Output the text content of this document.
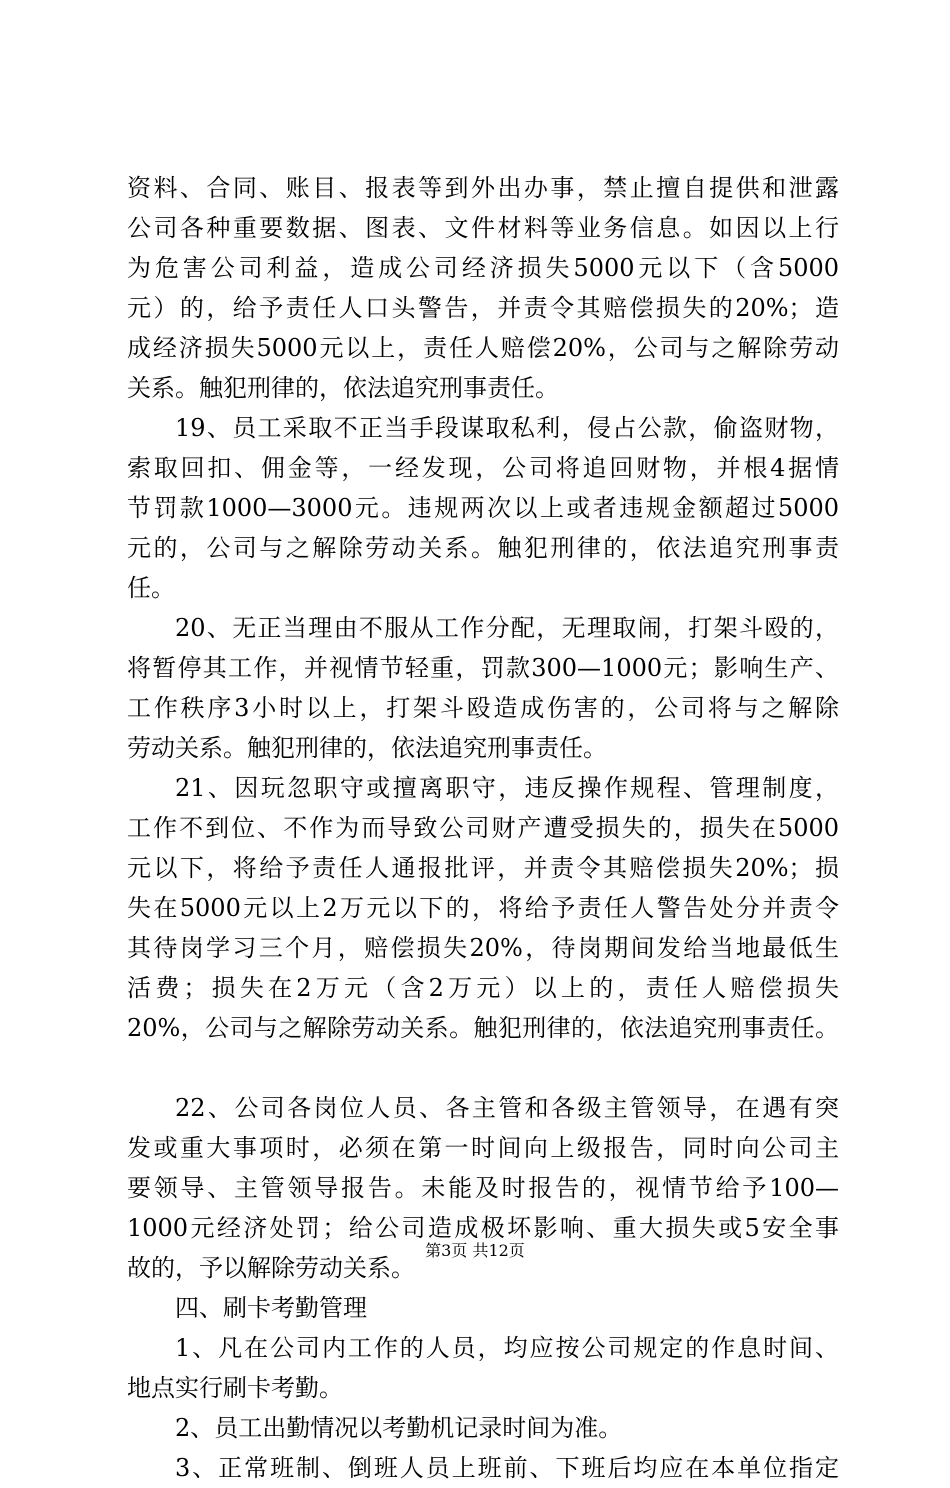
资料、合同、账目、报表等到外出办事，禁止擅自提供和泄露
公司各种重要数据、图表、文件材料等业务信息。如因以上行
为危害公司利益，造成公司经济损失5000元以下（含5000
元）的，给予责任人口头警告，并责令其赔偿损失的20%；造
成经济损失5000元以上，责任人赔偿20%，公司与之解除劳动
关系。触犯刑律的，依法追究刑事责任。
19、员工采取不正当手段谋取私利，侵占公款，偷盗财物，
索取回扣、佣金等，一经发现，公司将追回财物，并根4据情
节罚款1000—3000元。违规两次以上或者违规金额超过5000
元的，公司与之解除劳动关系。触犯刑律的，依法追究刑事责
任。
20、无正当理由不服从工作分配，无理取闹，打架斗殴的，
将暂停其工作，并视情节轻重，罚款300—1000元；影响生产、
工作秩序3小时以上，打架斗殴造成伤害的，公司将与之解除
劳动关系。触犯刑律的，依法追究刑事责任。
21、因玩忽职守或擅离职守，违反操作规程、管理制度，
工作不到位、不作为而导致公司财产遭受损失的，损失在5000
元以下，将给予责任人通报批评，并责令其赔偿损失20%；损
失在5000元以上2万元以下的，将给予责任人警告处分并责令
其待岗学习三个月，赔偿损失20%，待岗期间发给当地最低生
活费；损失在2万元（含2万元）以上的，责任人赔偿损失
20%，公司与之解除劳动关系。触犯刑律的，依法追究刑事责任。
22、公司各岗位人员、各主管和各级主管领导，在遇有突
发或重大事项时，必须在第一时间向上级报告，同时向公司主
要领导、主管领导报告。未能及时报告的，视情节给予100—
1000元经济处罚；给公司造成极坏影响、重大损失或5安全事
故的，予以解除劳动关系。
四、刷卡考勤管理
1、凡在公司内工作的人员，均应按公司规定的作息时间、
地点实行刷卡考勤。
2、员工出勤情况以考勤机记录时间为准。
3、正常班制、倒班人员上班前、下班后均应在本单位指定
第3页 共12页
